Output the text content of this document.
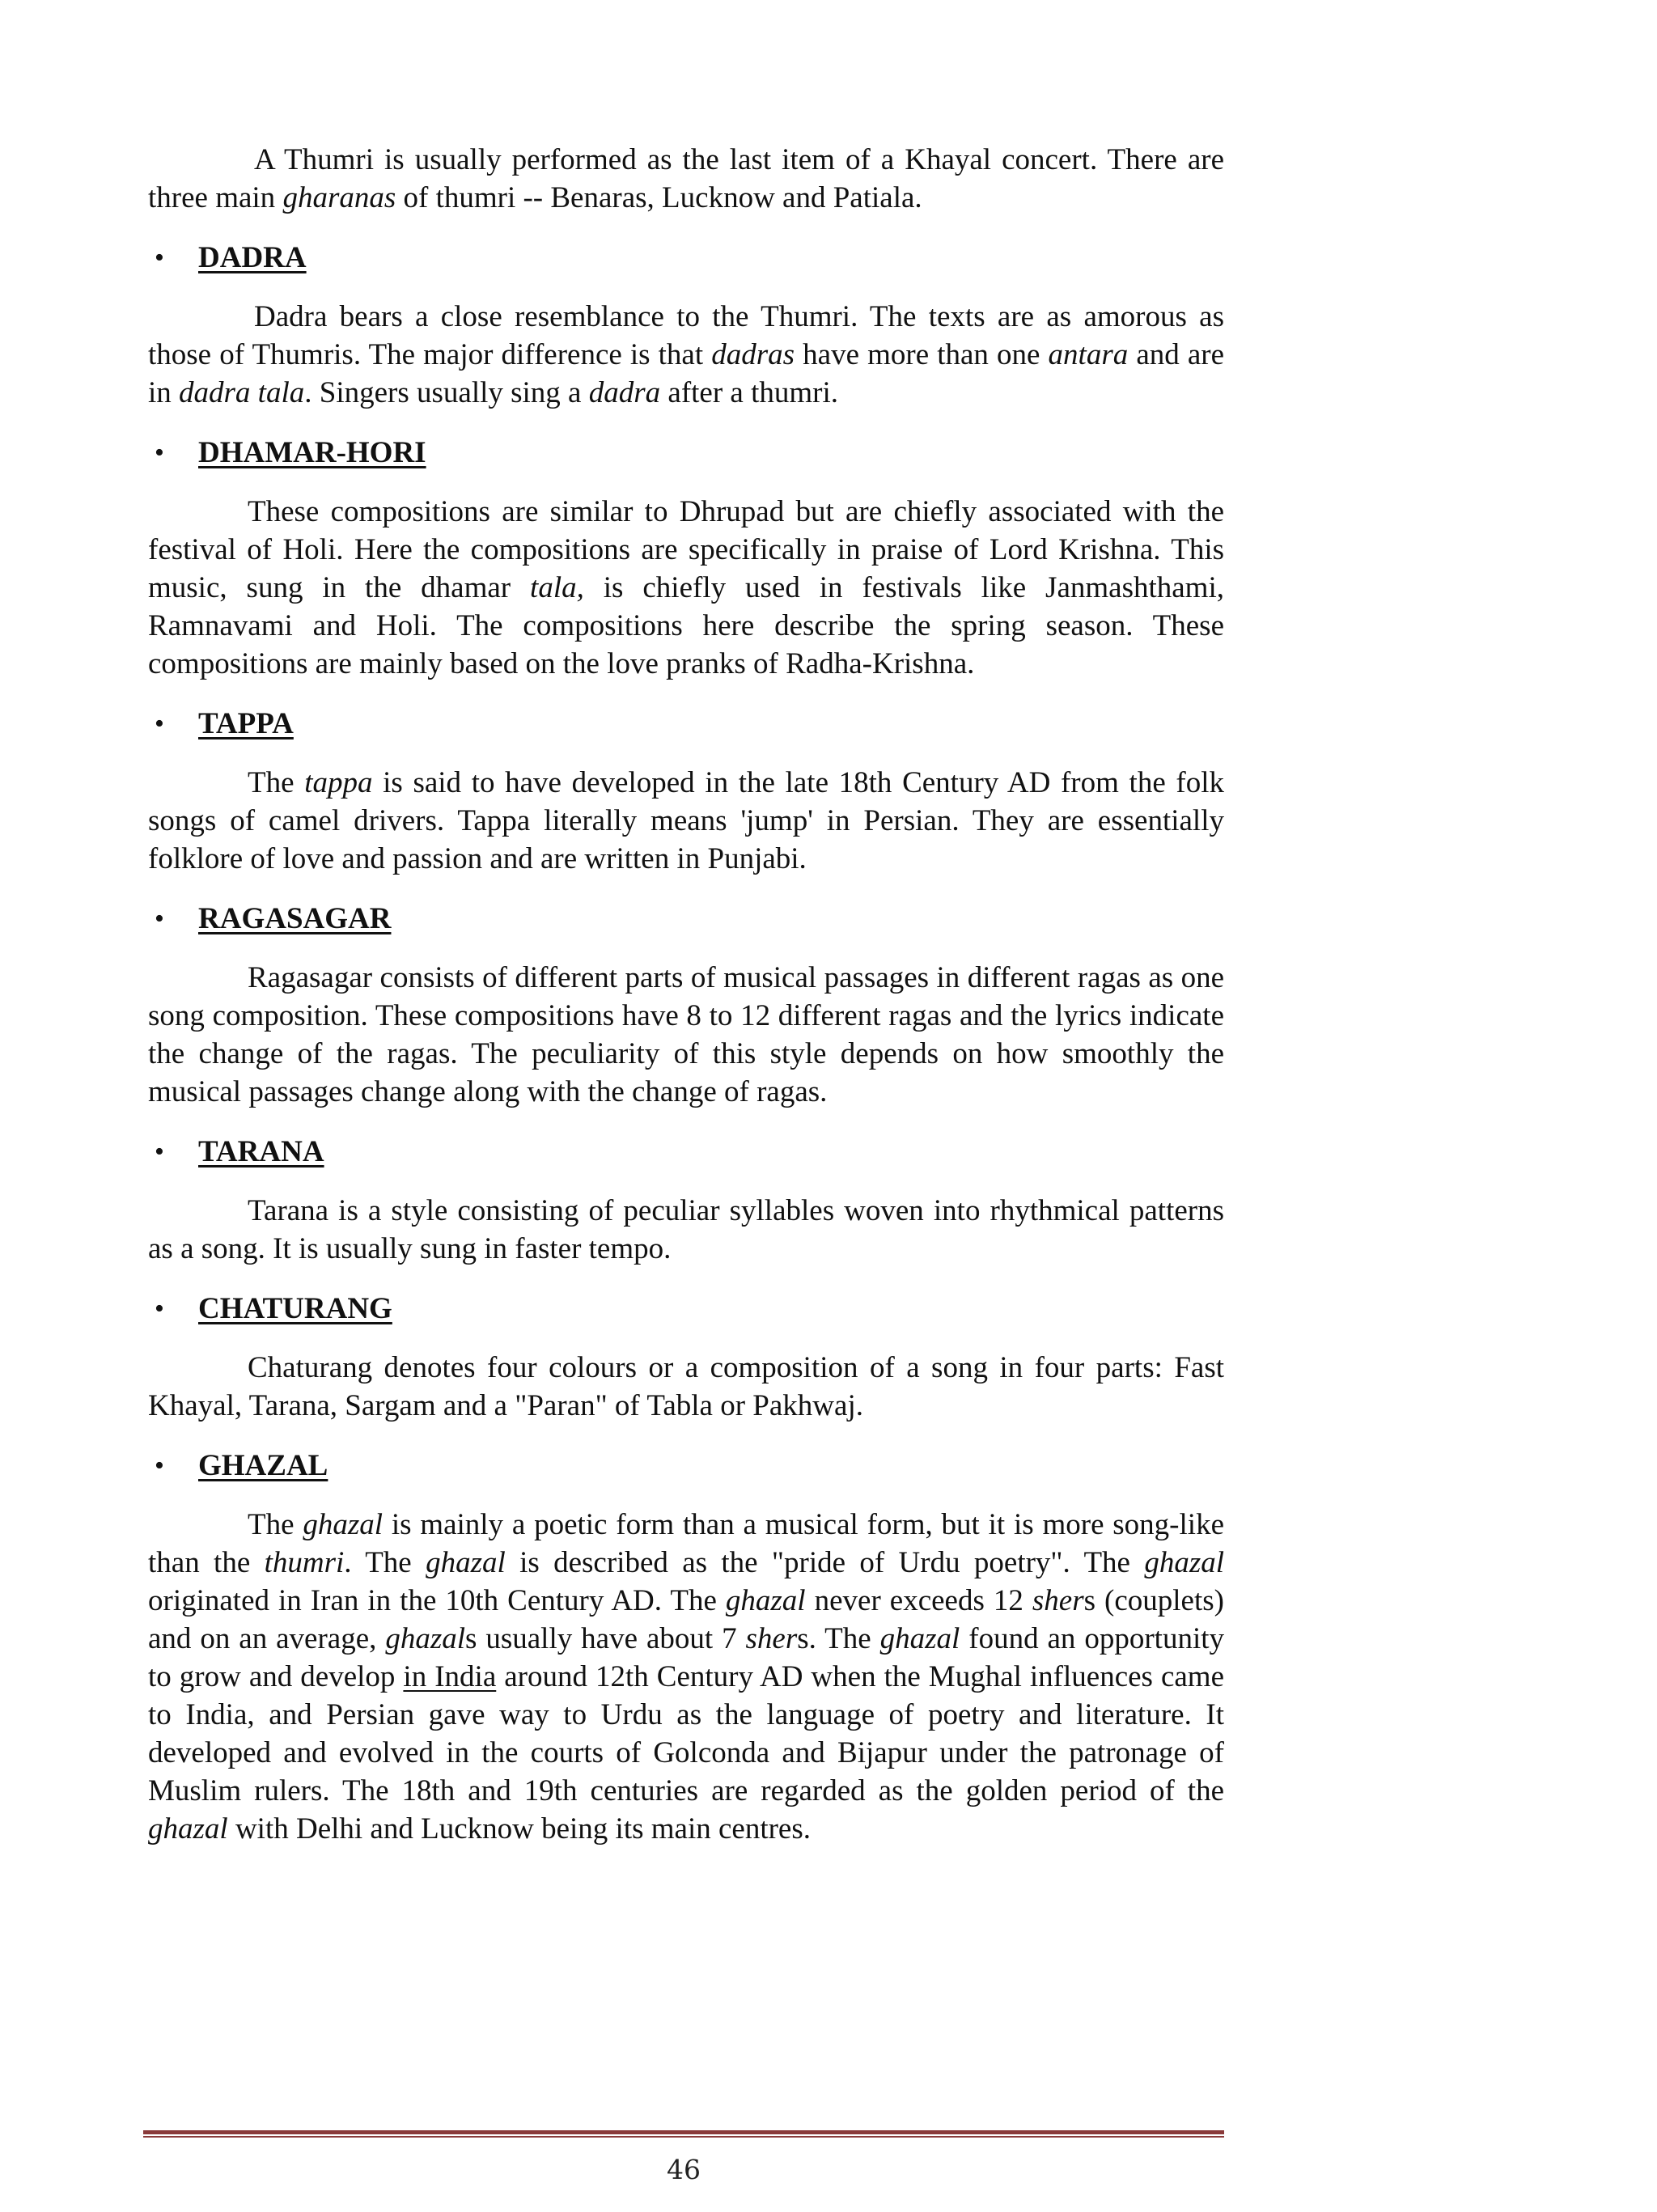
A Thumri is usually performed as the last item of a Khayal concert. There are three main gharanas of thumri -- Benaras, Lucknow and Patiala.

• DADRA

Dadra bears a close resemblance to the Thumri. The texts are as amorous as those of Thumris. The major difference is that dadras have more than one antara and are in dadra tala. Singers usually sing a dadra after a thumri.

• DHAMAR-HORI

These compositions are similar to Dhrupad but are chiefly associated with the festival of Holi. Here the compositions are specifically in praise of Lord Krishna. This music, sung in the dhamar tala, is chiefly used in festivals like Janmashthami, Ramnavami and Holi. The compositions here describe the spring season. These compositions are mainly based on the love pranks of Radha-Krishna.

• TAPPA

The tappa is said to have developed in the late 18th Century AD from the folk songs of camel drivers. Tappa literally means 'jump' in Persian. They are essentially folklore of love and passion and are written in Punjabi.

• RAGASAGAR

Ragasagar consists of different parts of musical passages in different ragas as one song composition. These compositions have 8 to 12 different ragas and the lyrics indicate the change of the ragas. The peculiarity of this style depends on how smoothly the musical passages change along with the change of ragas.

• TARANA

Tarana is a style consisting of peculiar syllables woven into rhythmical patterns as a song. It is usually sung in faster tempo.

• CHATURANG

Chaturang denotes four colours or a composition of a song in four parts: Fast Khayal, Tarana, Sargam and a "Paran" of Tabla or Pakhwaj.

• GHAZAL

The ghazal is mainly a poetic form than a musical form, but it is more song-like than the thumri. The ghazal is described as the "pride of Urdu poetry". The ghazal originated in Iran in the 10th Century AD. The ghazal never exceeds 12 shers (couplets) and on an average, ghazals usually have about 7 shers. The ghazal found an opportunity to grow and develop in India around 12th Century AD when the Mughal influences came to India, and Persian gave way to Urdu as the language of poetry and literature. It developed and evolved in the courts of Golconda and Bijapur under the patronage of Muslim rulers. The 18th and 19th centuries are regarded as the golden period of the ghazal with Delhi and Lucknow being its main centres.

46
